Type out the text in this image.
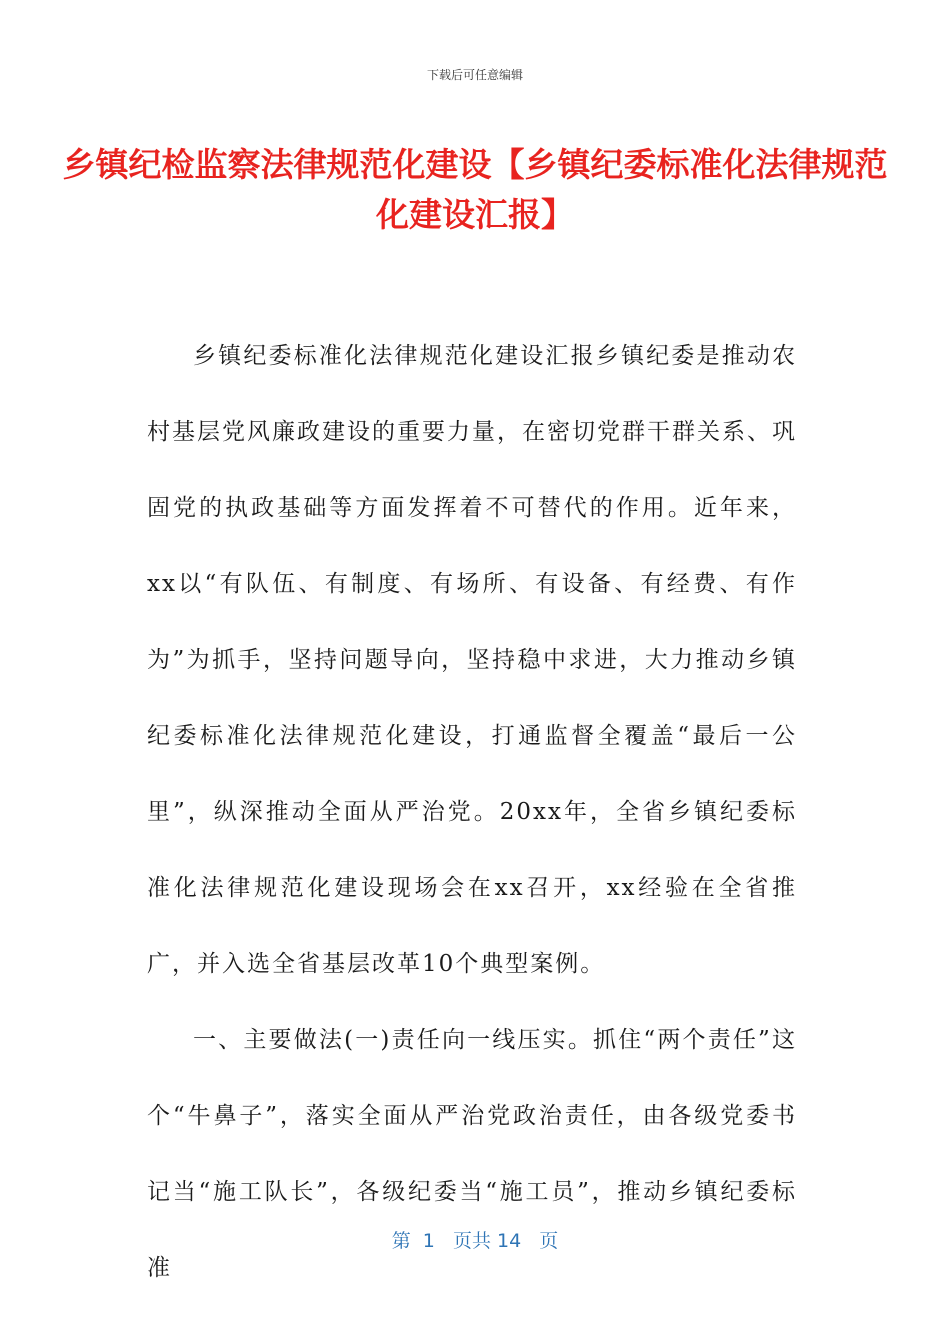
下载后可任意编辑
乡镇纪检监察法律规范化建设【乡镇纪委标准化法律规范化建设汇报】

乡镇纪委标准化法律规范化建设汇报乡镇纪委是推动农村基层党风廉政建设的重要力量，在密切党群干群关系、巩固党的执政基础等方面发挥着不可替代的作用。近年来，xx以“有队伍、有制度、有场所、有设备、有经费、有作为”为抓手，坚持问题导向，坚持稳中求进，大力推动乡镇纪委标准化法律规范化建设，打通监督全覆盖“最后一公里”，纵深推动全面从严治党。20xx年，全省乡镇纪委标准化法律规范化建设现场会在xx召开，xx经验在全省推广，并入选全省基层改革10个典型案例。

一、主要做法(一)责任向一线压实。抓住“两个责任”这个“牛鼻子”，落实全面从严治党政治责任，由各级党委书记当“施工队长”，各级纪委当“施工员”，推动乡镇纪委标准

第  1   页共 14   页
